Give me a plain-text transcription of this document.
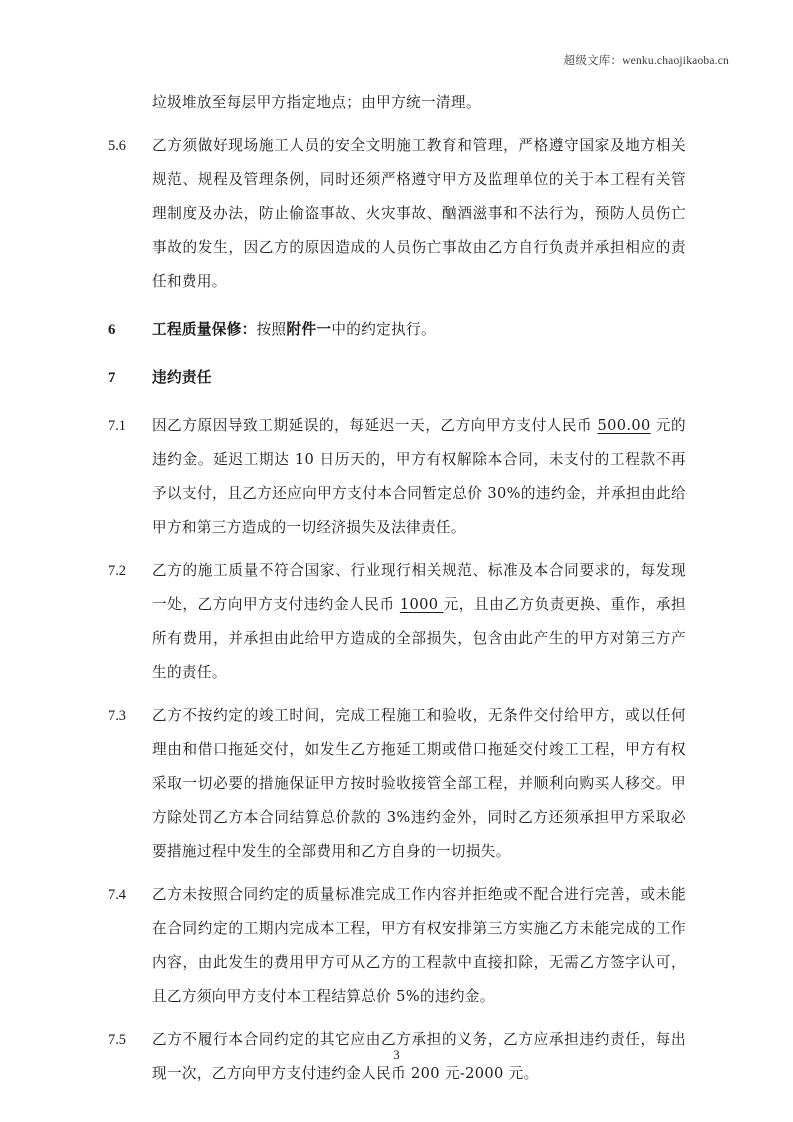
超级文库：wenku.chaojikaoba.cn
垃圾堆放至每层甲方指定地点；由甲方统一清理。
5.6	乙方须做好现场施工人员的安全文明施工教育和管理，严格遵守国家及地方相关规范、规程及管理条例，同时还须严格遵守甲方及监理单位的关于本工程有关管理制度及办法，防止偷盗事故、火灾事故、酗酒滋事和不法行为，预防人员伤亡事故的发生，因乙方的原因造成的人员伤亡事故由乙方自行负责并承担相应的责任和费用。
6	工程质量保修：按照附件一中的约定执行。
7	违约责任
7.1	因乙方原因导致工期延误的，每延迟一天，乙方向甲方支付人民币 500.00 元的违约金。延迟工期达 10 日历天的，甲方有权解除本合同，未支付的工程款不再予以支付，且乙方还应向甲方支付本合同暂定总价 30%的违约金，并承担由此给甲方和第三方造成的一切经济损失及法律责任。
7.2	乙方的施工质量不符合国家、行业现行相关规范、标准及本合同要求的，每发现一处，乙方向甲方支付违约金人民币 1000 元，且由乙方负责更换、重作，承担所有费用，并承担由此给甲方造成的全部损失，包含由此产生的甲方对第三方产生的责任。
7.3	乙方不按约定的竣工时间，完成工程施工和验收，无条件交付给甲方，或以任何理由和借口拖延交付，如发生乙方拖延工期或借口拖延交付竣工工程，甲方有权采取一切必要的措施保证甲方按时验收接管全部工程，并顺利向购买人移交。甲方除处罚乙方本合同结算总价款的 3%违约金外，同时乙方还须承担甲方采取必要措施过程中发生的全部费用和乙方自身的一切损失。
7.4	乙方未按照合同约定的质量标准完成工作内容并拒绝或不配合进行完善，或未能在合同约定的工期内完成本工程，甲方有权安排第三方实施乙方未能完成的工作内容，由此发生的费用甲方可从乙方的工程款中直接扣除，无需乙方签字认可，且乙方须向甲方支付本工程结算总价 5%的违约金。
7.5	乙方不履行本合同约定的其它应由乙方承担的义务，乙方应承担违约责任，每出现一次，乙方向甲方支付违约金人民币 200 元-2000 元。
3
